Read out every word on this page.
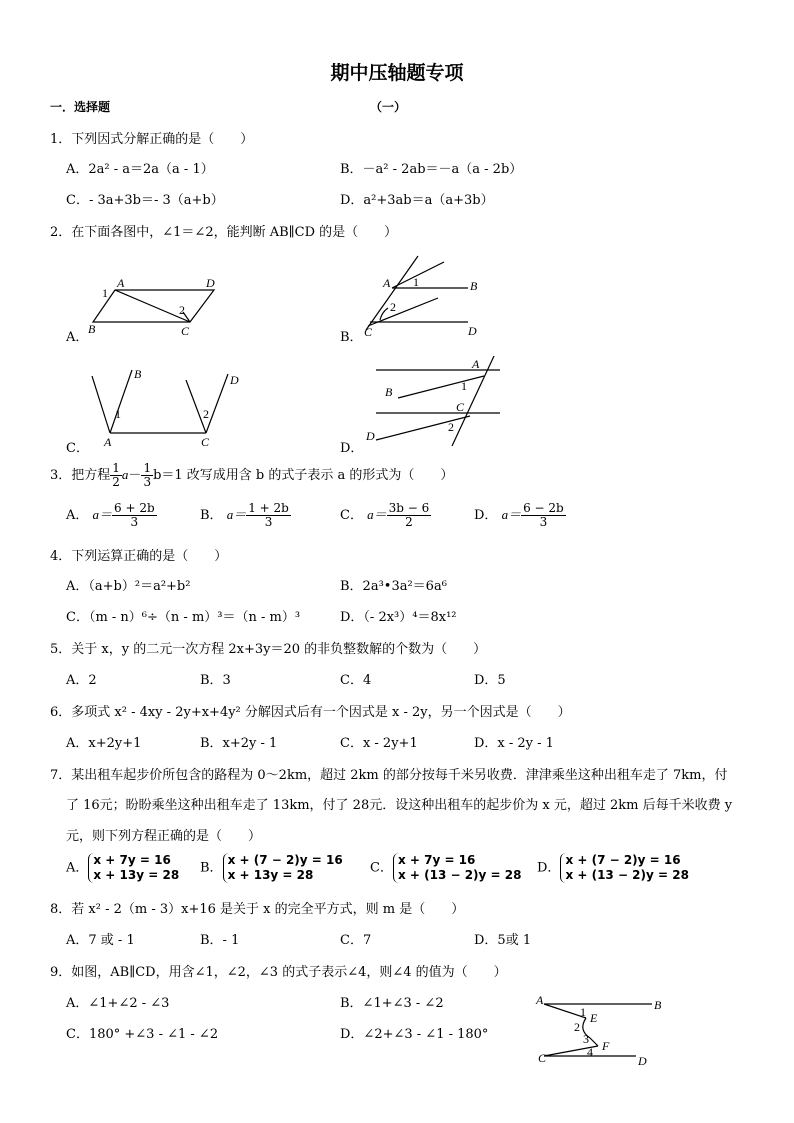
期中压轴题专项
一．选择题	（一）
1．下列因式分解正确的是（　　）
A．2a² - a＝2a（a - 1）	B．－a² - 2ab＝－a（a - 2b）
C．- 3a+3b＝- 3（a+b）	D．a²+3ab＝a（a+3b）
2．在下面各图中，∠1＝∠2，能判断 AB∥CD 的是（　　）
A．	B．
C．	D．
A	D
B	C
1
2
A	B
C	D
1
2
A
B
C
D
1	2
A
B
C
D
1
2
3．把方程 $\frac{1}{2} a- \frac{1}{3} b=1$ 改写成用含 b 的式子表示 a 的形式为（　　）
A． $a= \frac{6 + 2b}{3}$	B． $a= \frac{1 + 2b}{3}$	C． $a= \frac{3b - 6}{2}$	D． $a= \frac{6 - 2b}{3}$
4．下列运算正确的是（　　）
A．（a+b）²＝a²+b²	B．2a³•3a²＝6a⁶
C．（m - n）⁶÷（n - m）³＝（n - m）³	D．（- 2x³）⁴＝8x¹²
5．关于 x，y 的二元一次方程 2x+3y＝20 的非负整数解的个数为（　　）
A．2	B．3	C．4	D．5
6．多项式 x² - 4xy - 2y+x+4y² 分解因式后有一个因式是 x - 2y，另一个因式是（　　）
A．x+2y+1	B．x+2y - 1	C．x - 2y+1	D．x - 2y - 1
7．某出租车起步价所包含的路程为 0～2km，超过 2km 的部分按每千米另收费．津津乘坐这种出租车走了 7km，付
了 16元；盼盼乘坐这种出租车走了 13km，付了 28元．设这种出租车的起步价为 x 元，超过 2km 后每千米收费 y
元，则下列方程正确的是（　　）
A．
x + 7y = 16
x + 13y = 28 B．
x + (7 − 2)y = 16
x + 13y = 28	C．
x + 7y = 16
x + (13 − 2)y = 28 D．
x + (7 − 2)y = 16
x + (13 − 2)y = 28
8．若 x² - 2（m - 3）x+16 是关于 x 的完全平方式，则 m 是（　　）
A．7 或 - 1	B．- 1	C．7	D．5或 1
9．如图，AB∥CD，用含∠1，∠2，∠3 的式子表示∠4，则∠4 的值为（　　）
A．∠1+∠2 - ∠3	B．∠1+∠3 - ∠2
C．180° +∠3 - ∠1 - ∠2	D．∠2+∠3 - ∠1 - 180°
A	B
C	D
E
F
1
2
3
4
